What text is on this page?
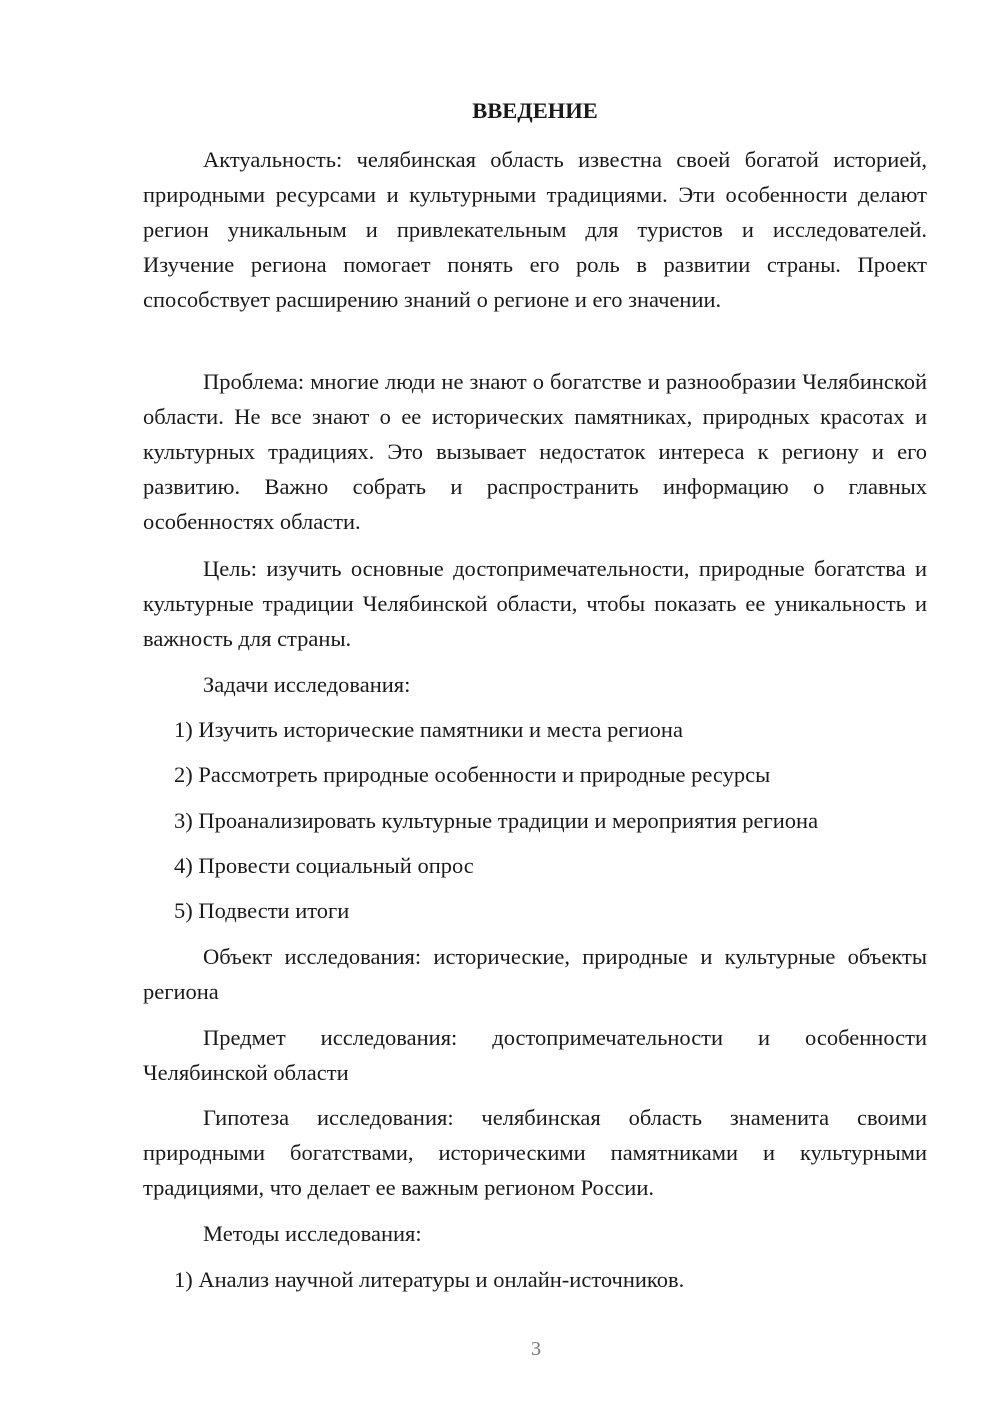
ВВЕДЕНИЕ

Актуальность: челябинская область известна своей богатой историей, природными ресурсами и культурными традициями. Эти особенности делают регион уникальным и привлекательным для туристов и исследователей. Изучение региона помогает понять его роль в развитии страны. Проект способствует расширению знаний о регионе и его значении.

Проблема: многие люди не знают о богатстве и разнообразии Челябинской области. Не все знают о ее исторических памятниках, природных красотах и культурных традициях. Это вызывает недостаток интереса к региону и его развитию. Важно собрать и распространить информацию о главных особенностях области.

Цель: изучить основные достопримечательности, природные богатства и культурные традиции Челябинской области, чтобы показать ее уникальность и важность для страны.

Задачи исследования:

1) Изучить исторические памятники и места региона

2) Рассмотреть природные особенности и природные ресурсы

3) Проанализировать культурные традиции и мероприятия региона

4) Провести социальный опрос

5) Подвести итоги

Объект исследования: исторические, природные и культурные объекты региона

Предмет исследования: достопримечательности и особенности Челябинской области

Гипотеза исследования: челябинская область знаменита своими природными богатствами, историческими памятниками и культурными традициями, что делает ее важным регионом России.

Методы исследования:

1) Анализ научной литературы и онлайн-источников.

3
